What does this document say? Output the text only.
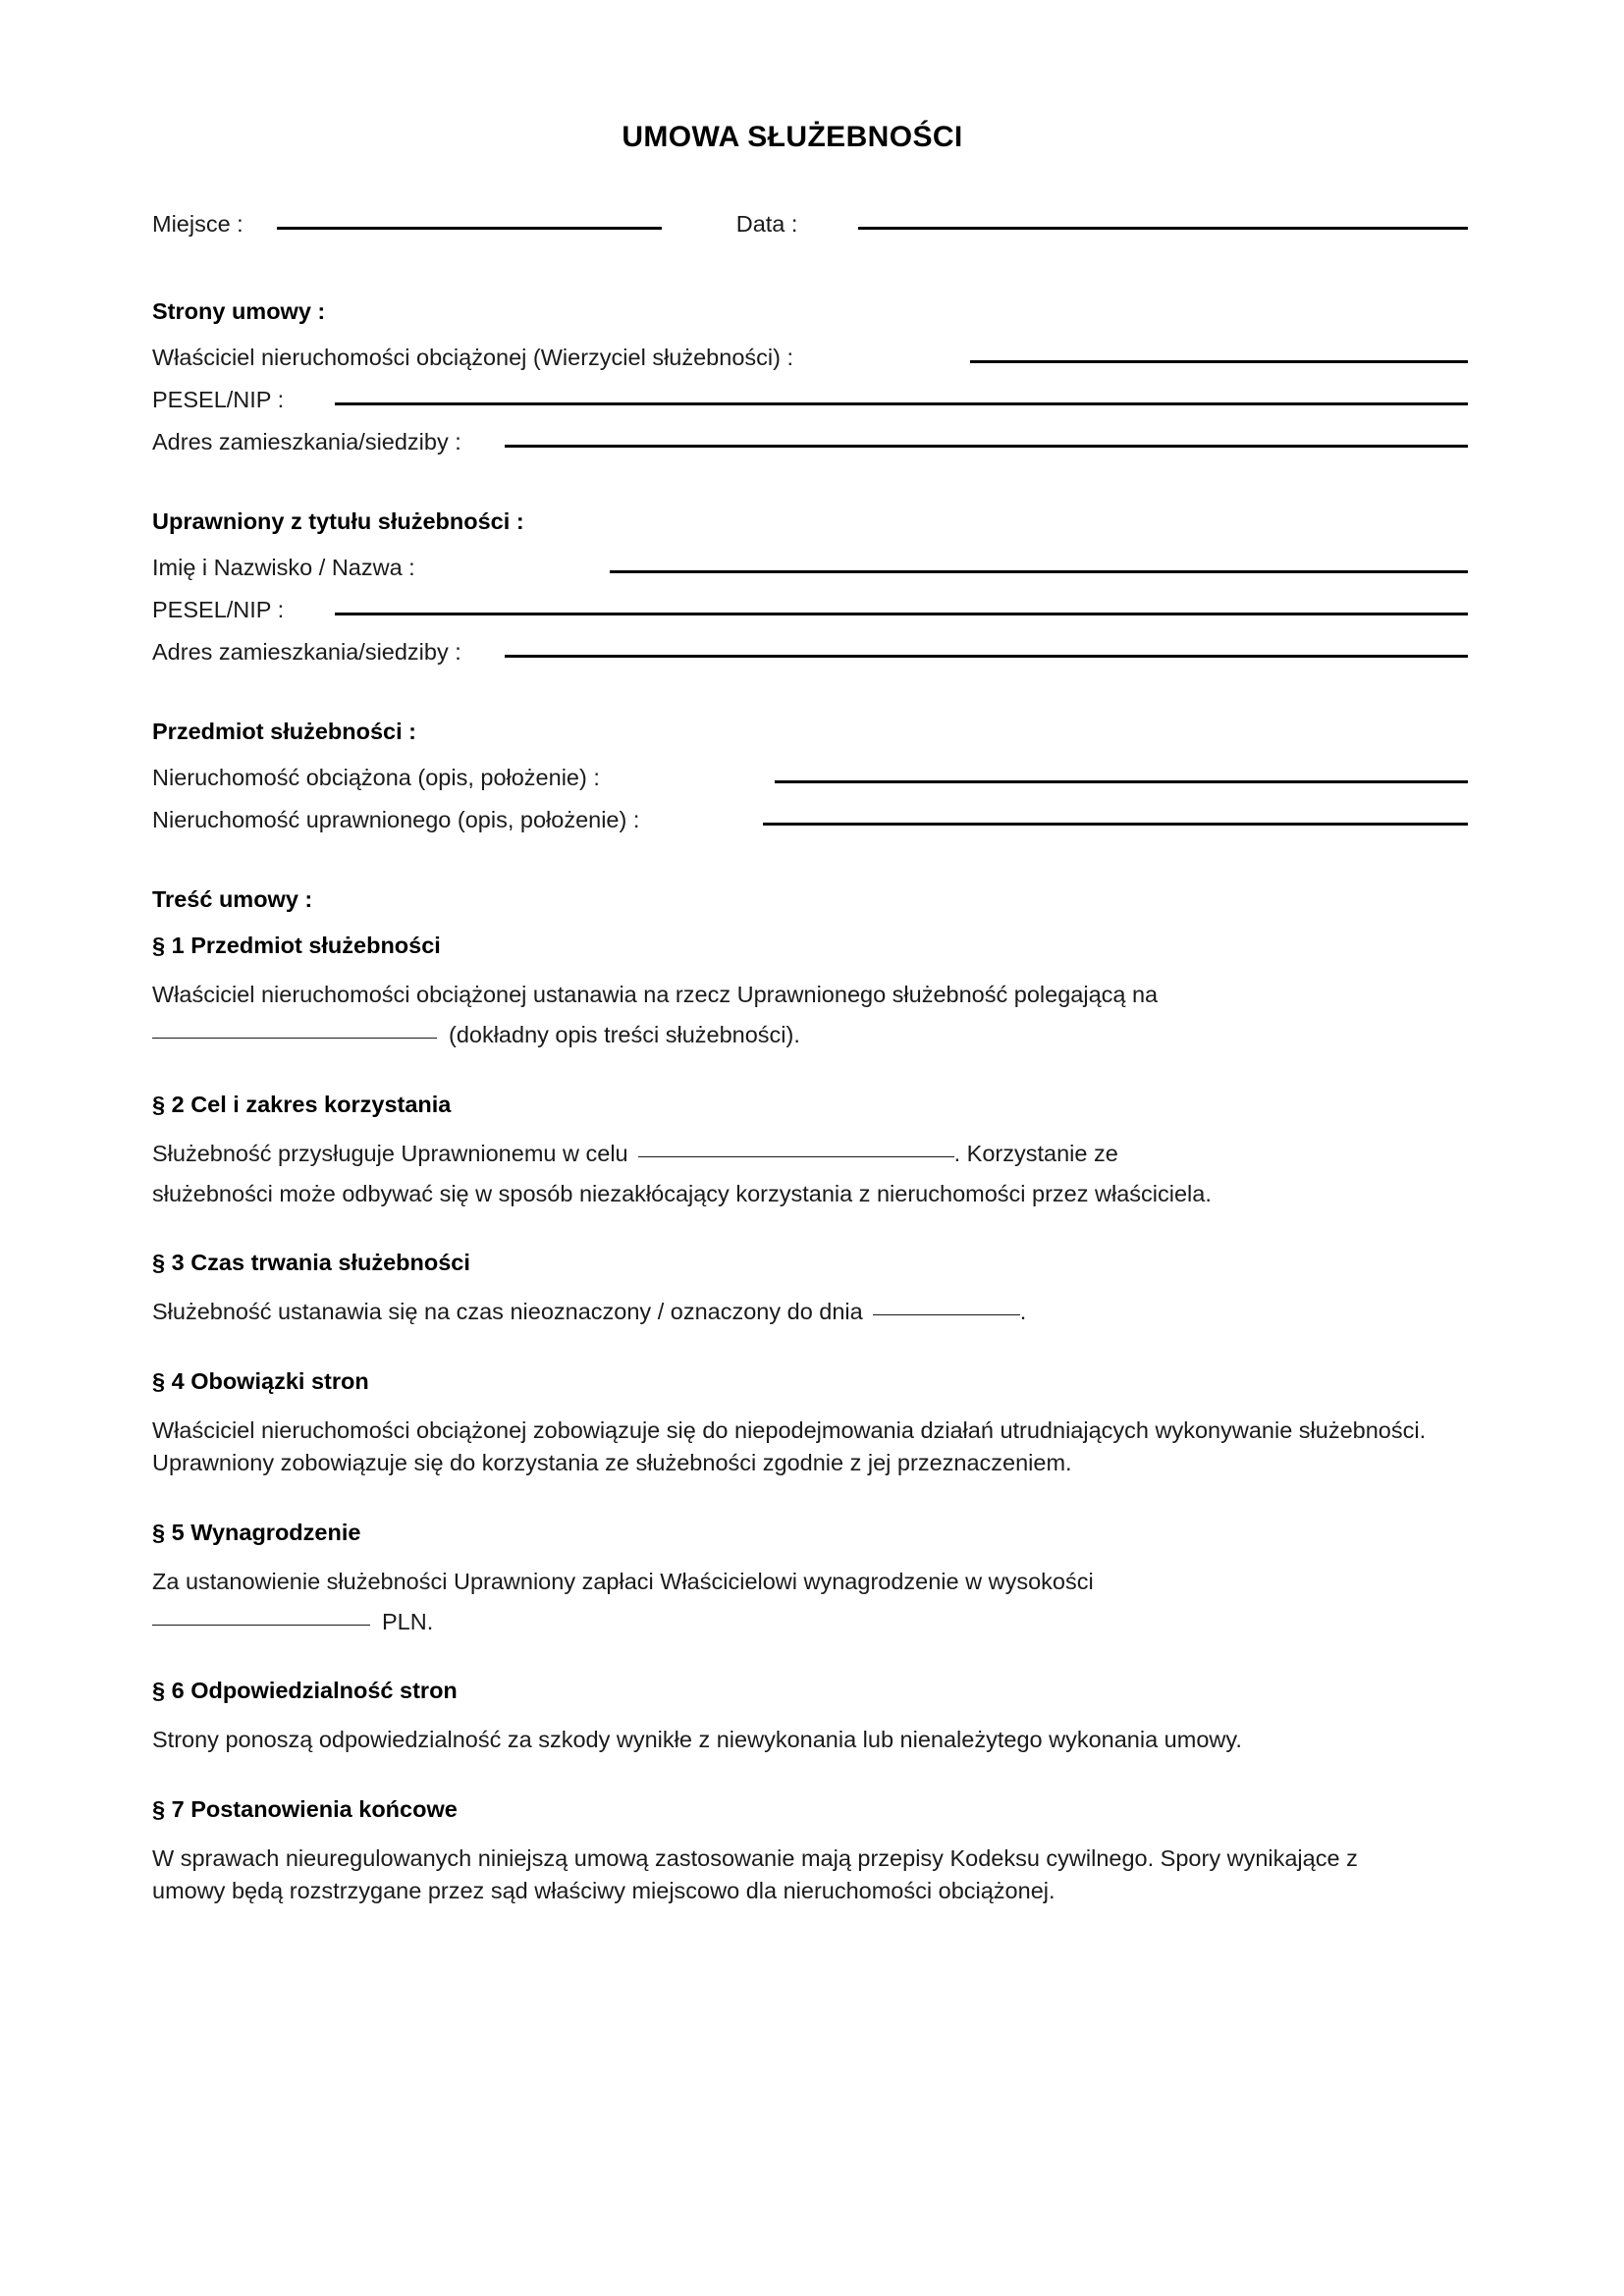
UMOWA SŁUŻEBNOŚCI
Miejsce :	Data :
Strony umowy :
Właściciel nieruchomości obciążonej (Wierzyciel służebności) :
PESEL/NIP :
Adres zamieszkania/siedziby :
Uprawniony z tytułu służebności :
Imię i Nazwisko / Nazwa :
PESEL/NIP :
Adres zamieszkania/siedziby :
Przedmiot służebności :
Nieruchomość obciążona (opis, położenie) :
Nieruchomość uprawnionego (opis, położenie) :
Treść umowy :
§ 1 Przedmiot służebności
Właściciel nieruchomości obciążonej ustanawia na rzecz Uprawnionego służebność polegającą na
(dokładny opis treści służebności).
§ 2 Cel i zakres korzystania
Służebność przysługuje Uprawnionemu w celu	. Korzystanie ze
służebności może odbywać się w sposób niezakłócający korzystania z nieruchomości przez właściciela.
§ 3 Czas trwania służebności
Służebność ustanawia się na czas nieoznaczony / oznaczony do dnia	.
§ 4 Obowiązki stron
Właściciel nieruchomości obciążonej zobowiązuje się do niepodejmowania działań utrudniających wykonywanie służebności. Uprawniony zobowiązuje się do korzystania ze służebności zgodnie z jej przeznaczeniem.
§ 5 Wynagrodzenie
Za ustanowienie służebności Uprawniony zapłaci Właścicielowi wynagrodzenie w wysokości
PLN.
§ 6 Odpowiedzialność stron
Strony ponoszą odpowiedzialność za szkody wynikłe z niewykonania lub nienależytego wykonania umowy.
§ 7 Postanowienia końcowe
W sprawach nieuregulowanych niniejszą umową zastosowanie mają przepisy Kodeksu cywilnego. Spory wynikające z umowy będą rozstrzygane przez sąd właściwy miejscowo dla nieruchomości obciążonej.
